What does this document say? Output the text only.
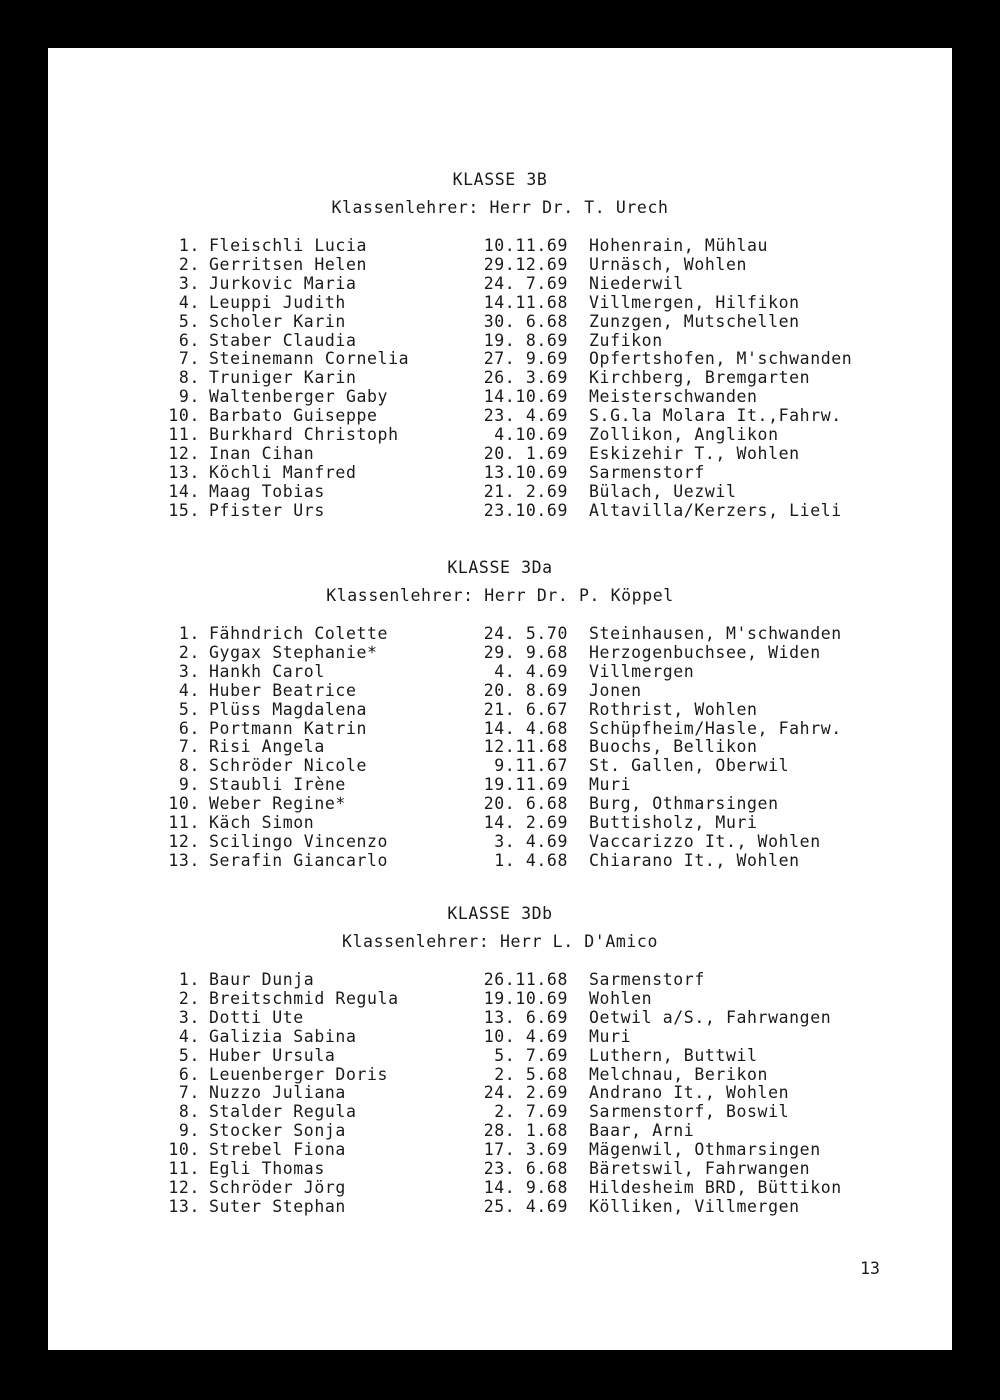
KLASSE 3B
Klassenlehrer: Herr Dr. T. Urech
1. Fleischli Lucia	10.11.69 Hohenrain, Mühlau
2. Gerritsen Helen	29.12.69 Urnäsch, Wohlen
3. Jurkovic Maria	24. 7.69 Niederwil
4. Leuppi Judith	14.11.68 Villmergen, Hilfikon
5. Scholer Karin	30. 6.68 Zunzgen, Mutschellen
6. Staber Claudia	19. 8.69 Zufikon
7. Steinemann Cornelia	27. 9.69 Opfertshofen, M'schwanden
8. Truniger Karin	26. 3.69 Kirchberg, Bremgarten
9. Waltenberger Gaby	14.10.69 Meisterschwanden
10. Barbato Guiseppe	23. 4.69 S.G.la Molara It.,Fahrw.
11. Burkhard Christoph	4.10.69 Zollikon, Anglikon
12. Inan Cihan	20. 1.69 Eskizehir T., Wohlen
13. Köchli Manfred	13.10.69 Sarmenstorf
14. Maag Tobias	21. 2.69 Bülach, Uezwil
15. Pfister Urs	23.10.69 Altavilla/Kerzers, Lieli
KLASSE 3Da
Klassenlehrer: Herr Dr. P. Köppel
1. Fähndrich Colette	24. 5.70 Steinhausen, M'schwanden
2. Gygax Stephanie*	29. 9.68 Herzogenbuchsee, Widen
3. Hankh Carol	4. 4.69 Villmergen
4. Huber Beatrice	20. 8.69 Jonen
5. Plüss Magdalena	21. 6.67 Rothrist, Wohlen
6. Portmann Katrin	14. 4.68 Schüpfheim/Hasle, Fahrw.
7. Risi Angela	12.11.68 Buochs, Bellikon
8. Schröder Nicole	9.11.67 St. Gallen, Oberwil
9. Staubli Irène	19.11.69 Muri
10. Weber Regine*	20. 6.68 Burg, Othmarsingen
11. Käch Simon	14. 2.69 Buttisholz, Muri
12. Scilingo Vincenzo	3. 4.69 Vaccarizzo It., Wohlen
13. Serafin Giancarlo	1. 4.68 Chiarano It., Wohlen
KLASSE 3Db
Klassenlehrer: Herr L. D'Amico
1. Baur Dunja	26.11.68 Sarmenstorf
2. Breitschmid Regula	19.10.69 Wohlen
3. Dotti Ute	13. 6.69 Oetwil a/S., Fahrwangen
4. Galizia Sabina	10. 4.69 Muri
5. Huber Ursula	5. 7.69 Luthern, Buttwil
6. Leuenberger Doris	2. 5.68 Melchnau, Berikon
7. Nuzzo Juliana	24. 2.69 Andrano It., Wohlen
8. Stalder Regula	2. 7.69 Sarmenstorf, Boswil
9. Stocker Sonja	28. 1.68 Baar, Arni
10. Strebel Fiona	17. 3.69 Mägenwil, Othmarsingen
11. Egli Thomas	23. 6.68 Bäretswil, Fahrwangen
12. Schröder Jörg	14. 9.68 Hildesheim BRD, Büttikon
13. Suter Stephan	25. 4.69 Kölliken, Villmergen
13
